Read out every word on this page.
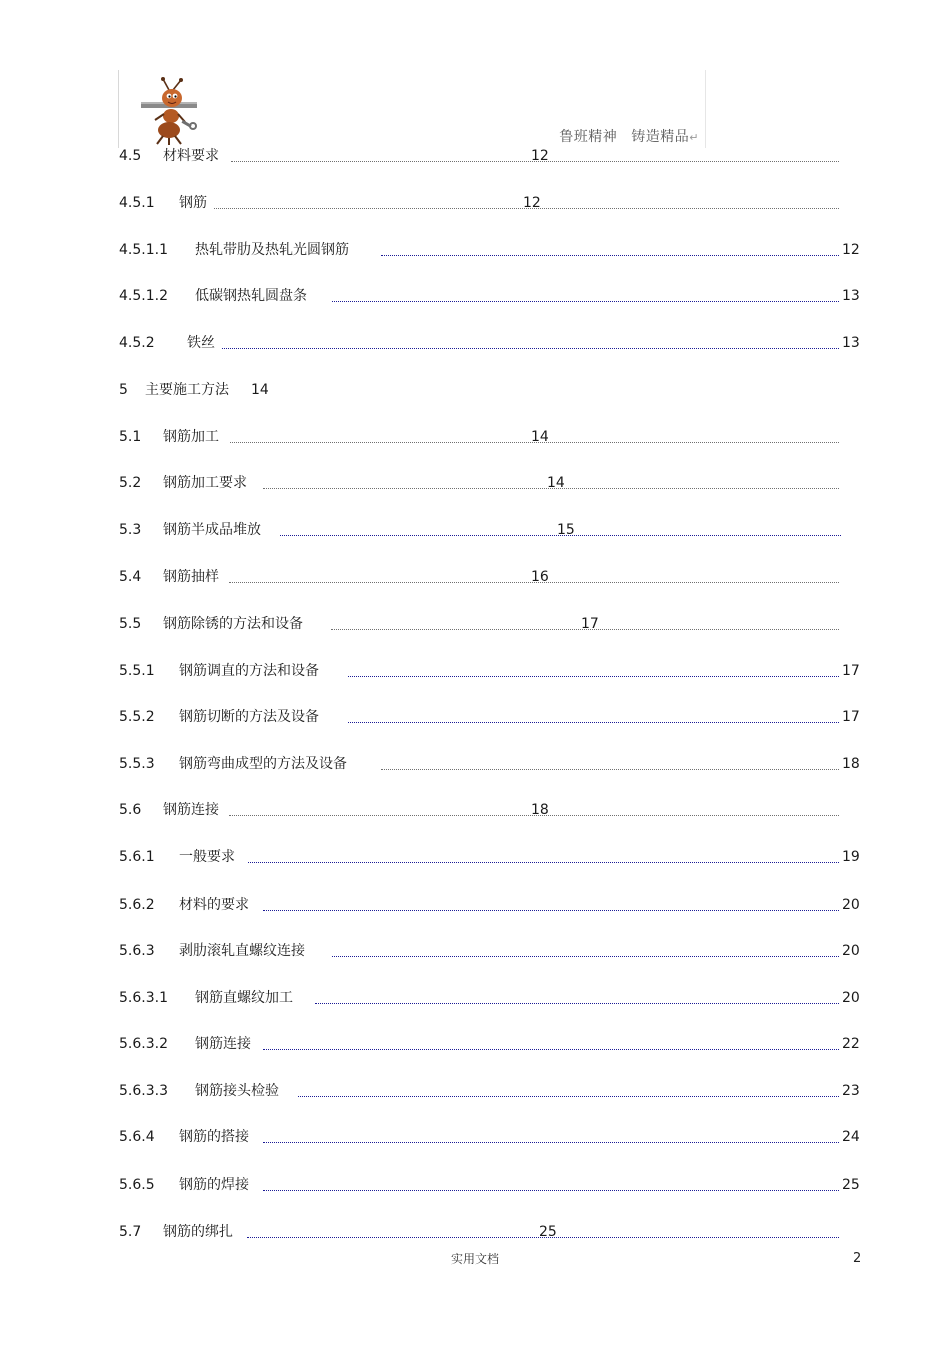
鲁班精神 铸造精品↵
4.5 材料要求	12
4.5.1 钢筋	12
4.5.1.1 热轧带肋及热轧光圆钢筋	12
4.5.1.2 低碳钢热轧圆盘条	13
4.5.2 铁丝	13
5 主要施工方法 14
5.1 钢筋加工	14
5.2 钢筋加工要求	14
5.3 钢筋半成品堆放	15
5.4 钢筋抽样	16
5.5 钢筋除锈的方法和设备	17
5.5.1 钢筋调直的方法和设备	17
5.5.2 钢筋切断的方法及设备	17
5.5.3 钢筋弯曲成型的方法及设备	18
5.6 钢筋连接	18
5.6.1 一般要求	19
5.6.2 材料的要求	20
5.6.3 剥肋滚轧直螺纹连接	20
5.6.3.1 钢筋直螺纹加工	20
5.6.3.2 钢筋连接	22
5.6.3.3 钢筋接头检验	23
5.6.4 钢筋的搭接	24
5.6.5 钢筋的焊接	25
5.7 钢筋的绑扎	25
实用文档	2
